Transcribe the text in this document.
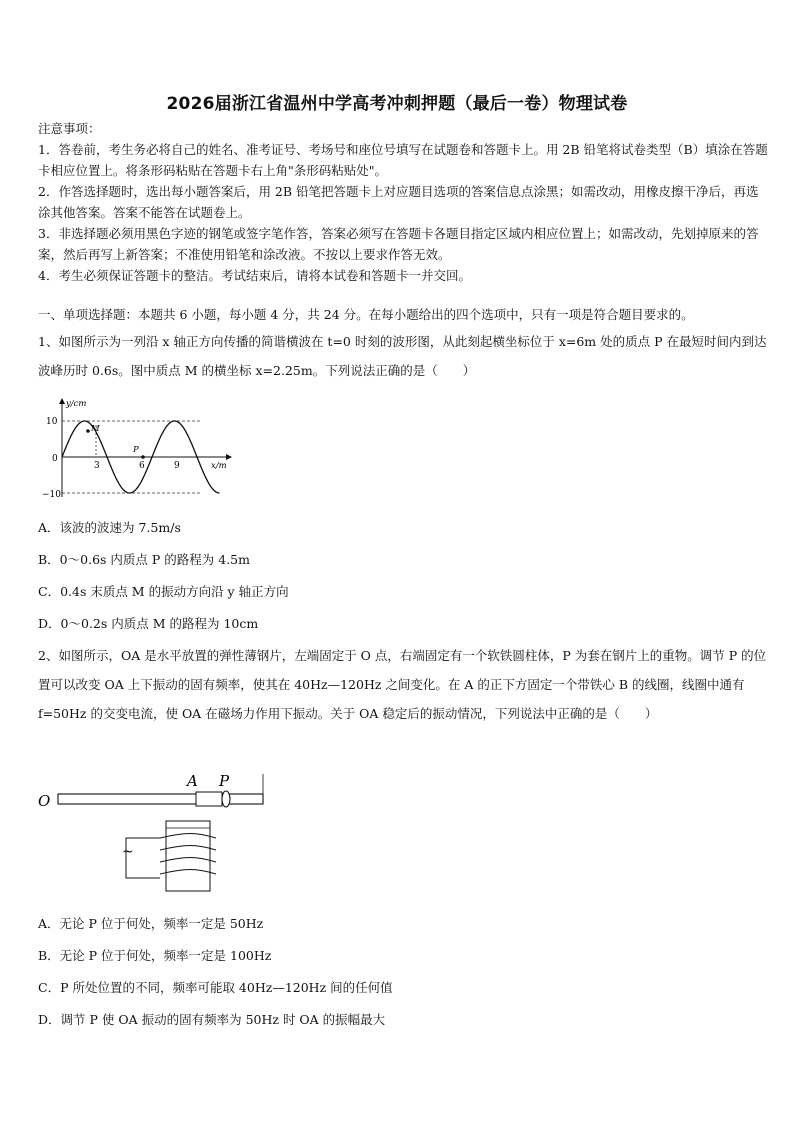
2026届浙江省温州中学高考冲刺押题（最后一卷）物理试卷

注意事项：

1．答卷前，考生务必将自己的姓名、准考证号、考场号和座位号填写在试题卷和答题卡上。用 2B 铅笔将试卷类型（B）填涂在答题卡相应位置上。将条形码粘贴在答题卡右上角"条形码粘贴处"。

2．作答选择题时，选出每小题答案后，用 2B 铅笔把答题卡上对应题目选项的答案信息点涂黑；如需改动，用橡皮擦干净后，再选涂其他答案。答案不能答在试题卷上。

3．非选择题必须用黑色字迹的钢笔或签字笔作答，答案必须写在答题卡各题目指定区域内相应位置上；如需改动，先划掉原来的答案，然后再写上新答案；不准使用铅笔和涂改液。不按以上要求作答无效。

4．考生必须保证答题卡的整洁。考试结束后，请将本试卷和答题卡一并交回。

一、单项选择题：本题共 6 小题，每小题 4 分，共 24 分。在每小题给出的四个选项中，只有一项是符合题目要求的。

1、如图所示为一列沿 x 轴正方向传播的简谐横波在 t=0 时刻的波形图，从此刻起横坐标位于 x=6m 处的质点 P 在最短时间内到达波峰历时 0.6s。图中质点 M 的横坐标 x=2.25m。下列说法正确的是（　　）

y/cm
x/m
10
0
−10
3	6	9
M
P
A．该波的波速为 7.5m/s
B．0～0.6s 内质点 P 的路程为 4.5m
C．0.4s 末质点 M 的振动方向沿 y 轴正方向
D．0～0.2s 内质点 M 的路程为 10cm

2、如图所示，OA 是水平放置的弹性薄钢片，左端固定于 O 点，右端固定有一个软铁圆柱体，P 为套在钢片上的重物。调节 P 的位置可以改变 OA 上下振动的固有频率，使其在 40Hz—120Hz 之间变化。在 A 的正下方固定一个带铁心 B 的线圈，线圈中通有 f=50Hz 的交变电流，使 OA 在磁场力作用下振动。关于 OA 稳定后的振动情况，下列说法中正确的是（　　）

O
A P
~
A．无论 P 位于何处，频率一定是 50Hz
B．无论 P 位于何处，频率一定是 100Hz
C．P 所处位置的不同，频率可能取 40Hz—120Hz 间的任何值
D．调节 P 使 OA 振动的固有频率为 50Hz 时 OA 的振幅最大
